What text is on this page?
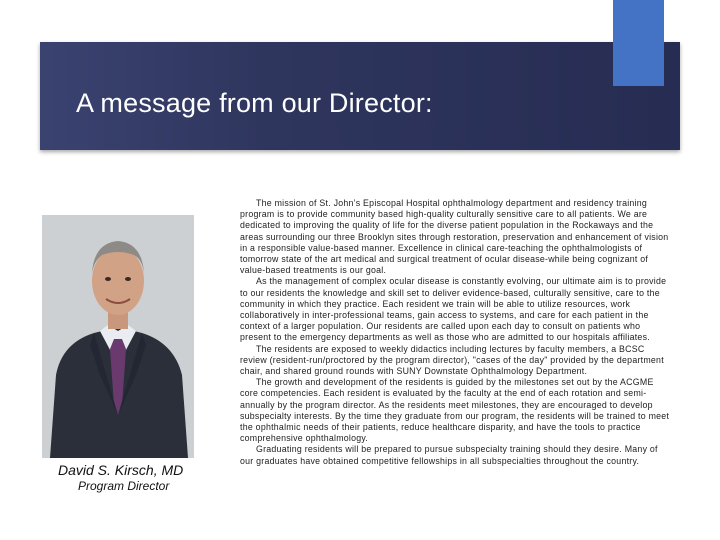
A message from our Director:
David S. Kirsch, MD
Program Director

The mission of St. John’s Episcopal Hospital ophthalmology department and residency training program is to provide community based high-quality culturally sensitive care to all patients. We are dedicated to improving the quality of life for the diverse patient population in the Rockaways and the areas surrounding our three Brooklyn sites through restoration, preservation and enhancement of vision in a responsible value-based manner. Excellence in clinical care-teaching the ophthalmologists of tomorrow state of the art medical and surgical treatment of ocular disease-while being cognizant of value-based treatments is our goal.

As the management of complex ocular disease is constantly evolving, our ultimate aim is to provide to our residents the knowledge and skill set to deliver evidence-based, culturally sensitive, care to the community in which they practice. Each resident we train will be able to utilize resources, work collaboratively in inter-professional teams, gain access to systems, and care for each patient in the context of a larger population. Our residents are called upon each day to consult on patients who present to the emergency departments as well as those who are admitted to our hospitals affiliates.

The residents are exposed to weekly didactics including lectures by faculty members, a BCSC review (resident-run/proctored by the program director), "cases of the day" provided by the department chair, and shared ground rounds with SUNY Downstate Ophthalmology Department.

The growth and development of the residents is guided by the milestones set out by the ACGME core competencies. Each resident is evaluated by the faculty at the end of each rotation and semi-annually by the program director. As the residents meet milestones, they are encouraged to develop subspecialty interests. By the time they graduate from our program, the residents will be trained to meet the ophthalmic needs of their patients, reduce healthcare disparity, and have the tools to practice comprehensive ophthalmology.

Graduating residents will be prepared to pursue subspecialty training should they desire. Many of our graduates have obtained competitive fellowships in all subspecialties throughout the country.
